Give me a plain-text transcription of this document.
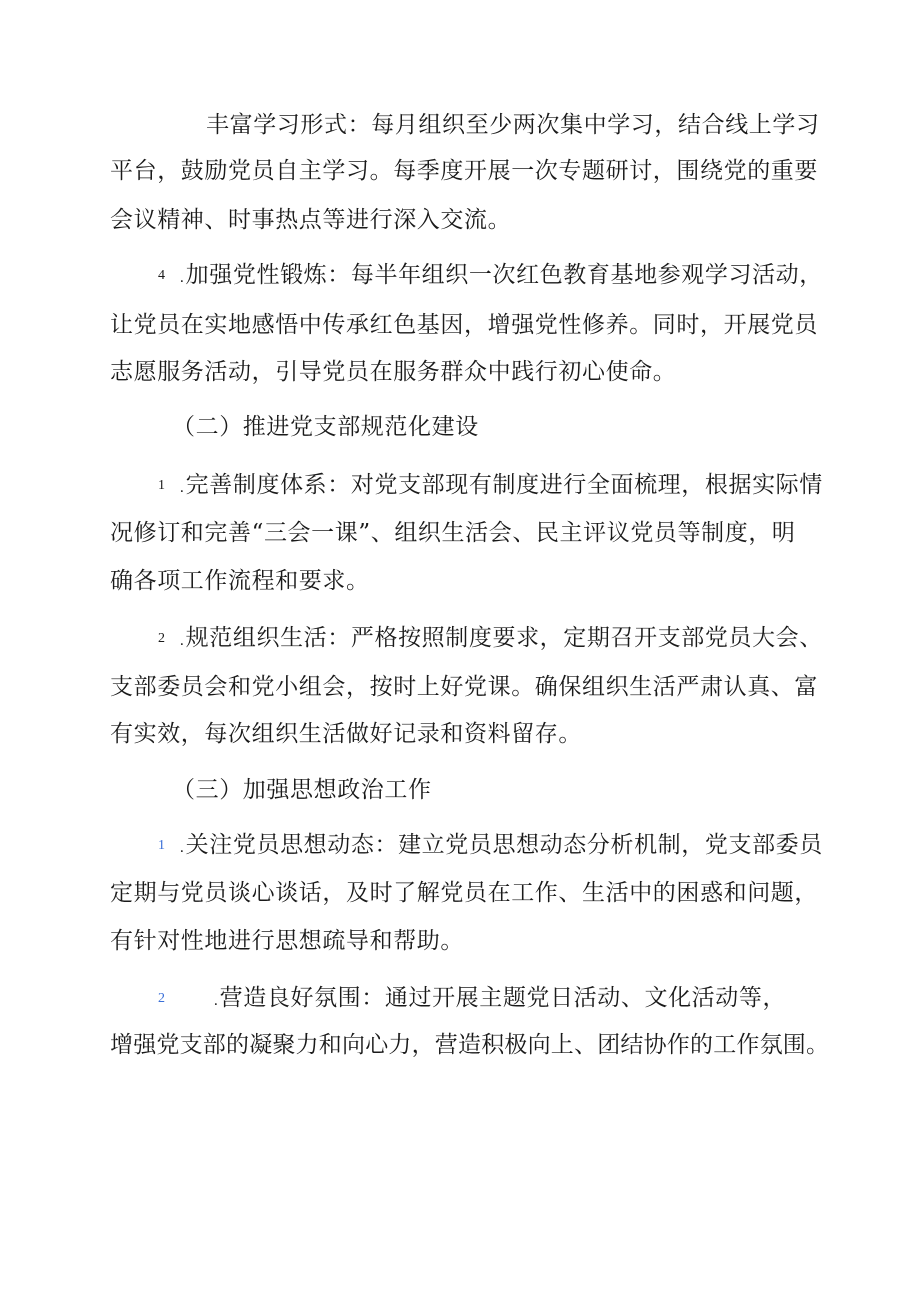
丰富学习形式：每月组织至少两次集中学习，结合线上学习
平台，鼓励党员自主学习。每季度开展一次专题研讨，围绕党的重要
会议精神、时事热点等进行深入交流。
4 .加强党性锻炼：每半年组织一次红色教育基地参观学习活动，
让党员在实地感悟中传承红色基因，增强党性修养。同时，开展党员
志愿服务活动，引导党员在服务群众中践行初心使命。
（二）推进党支部规范化建设
1 .完善制度体系：对党支部现有制度进行全面梳理，根据实际情
况修订和完善“三会一课”、组织生活会、民主评议党员等制度，明
确各项工作流程和要求。
2 .规范组织生活：严格按照制度要求，定期召开支部党员大会、
支部委员会和党小组会，按时上好党课。确保组织生活严肃认真、富
有实效，每次组织生活做好记录和资料留存。
（三）加强思想政治工作
1 .关注党员思想动态：建立党员思想动态分析机制，党支部委员
定期与党员谈心谈话，及时了解党员在工作、生活中的困惑和问题，
有针对性地进行思想疏导和帮助。
2	.营造良好氛围：通过开展主题党日活动、文化活动等，
增强党支部的凝聚力和向心力，营造积极向上、团结协作的工作氛围。
